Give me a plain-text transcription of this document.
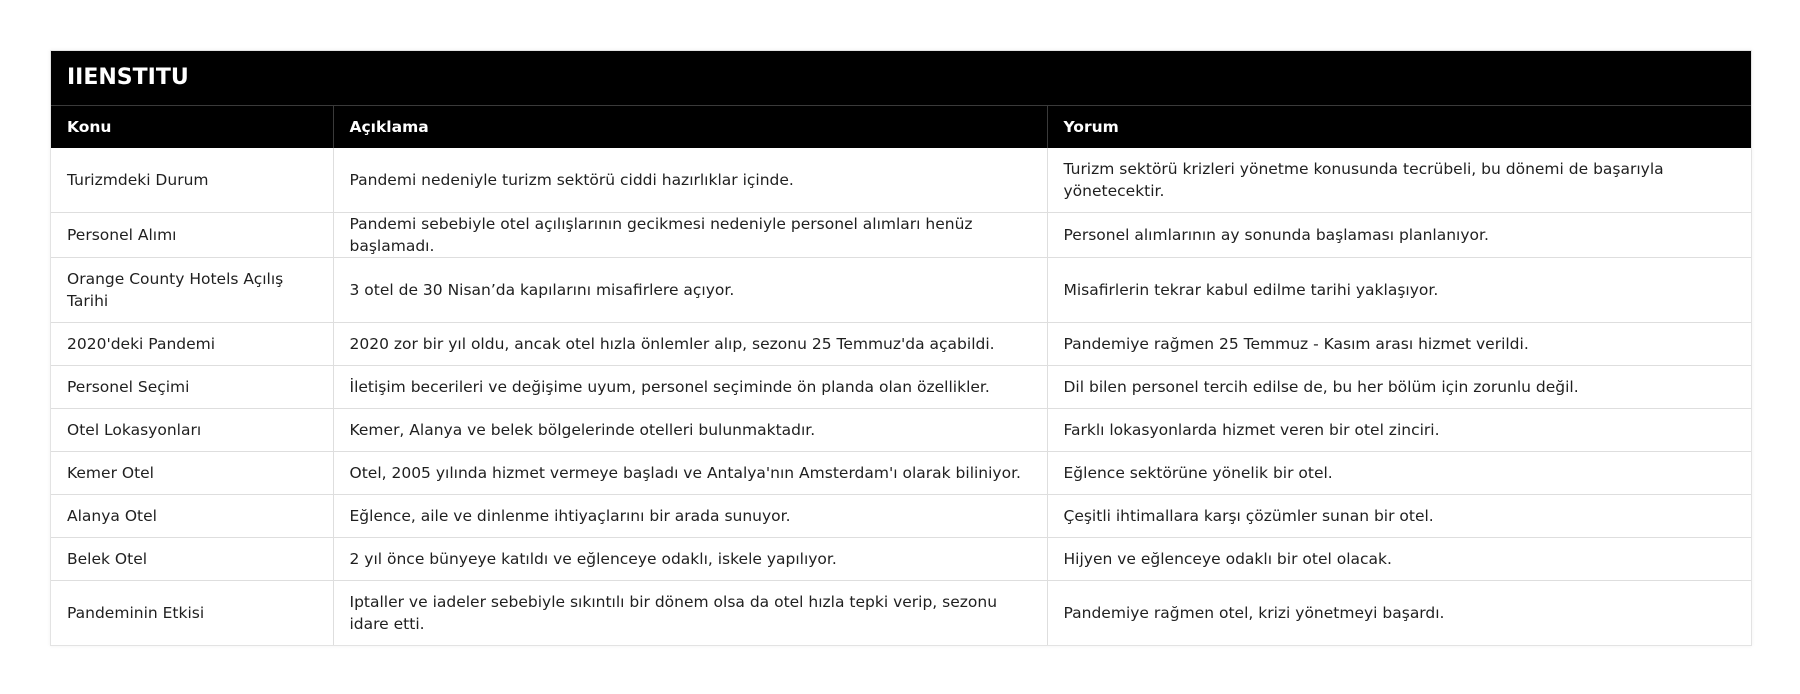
IIENSTITU
Konu	Açıklama	Yorum
Turizmdeki Durum	Pandemi nedeniyle turizm sektörü ciddi hazırlıklar içinde.	Turizm sektörü krizleri yönetme konusunda tecrübeli, bu dönemi de başarıyla yönetecektir.
Personel Alımı	Pandemi sebebiyle otel açılışlarının gecikmesi nedeniyle personel alımları henüz başlamadı.	Personel alımlarının ay sonunda başlaması planlanıyor.
Orange County Hotels Açılış Tarihi	3 otel de 30 Nisan’da kapılarını misafirlere açıyor.	Misafirlerin tekrar kabul edilme tarihi yaklaşıyor.
2020'deki Pandemi	2020 zor bir yıl oldu, ancak otel hızla önlemler alıp, sezonu 25 Temmuz'da açabildi.	Pandemiye rağmen 25 Temmuz - Kasım arası hizmet verildi.
Personel Seçimi	İletişim becerileri ve değişime uyum, personel seçiminde ön planda olan özellikler.	Dil bilen personel tercih edilse de, bu her bölüm için zorunlu değil.
Otel Lokasyonları	Kemer, Alanya ve belek bölgelerinde otelleri bulunmaktadır.	Farklı lokasyonlarda hizmet veren bir otel zinciri.
Kemer Otel	Otel, 2005 yılında hizmet vermeye başladı ve Antalya'nın Amsterdam'ı olarak biliniyor.	Eğlence sektörüne yönelik bir otel.
Alanya Otel	Eğlence, aile ve dinlenme ihtiyaçlarını bir arada sunuyor.	Çeşitli ihtimallara karşı çözümler sunan bir otel.
Belek Otel	2 yıl önce bünyeye katıldı ve eğlenceye odaklı, iskele yapılıyor.	Hijyen ve eğlenceye odaklı bir otel olacak.
Pandeminin Etkisi	Iptaller ve iadeler sebebiyle sıkıntılı bir dönem olsa da otel hızla tepki verip, sezonu idare etti.	Pandemiye rağmen otel, krizi yönetmeyi başardı.
